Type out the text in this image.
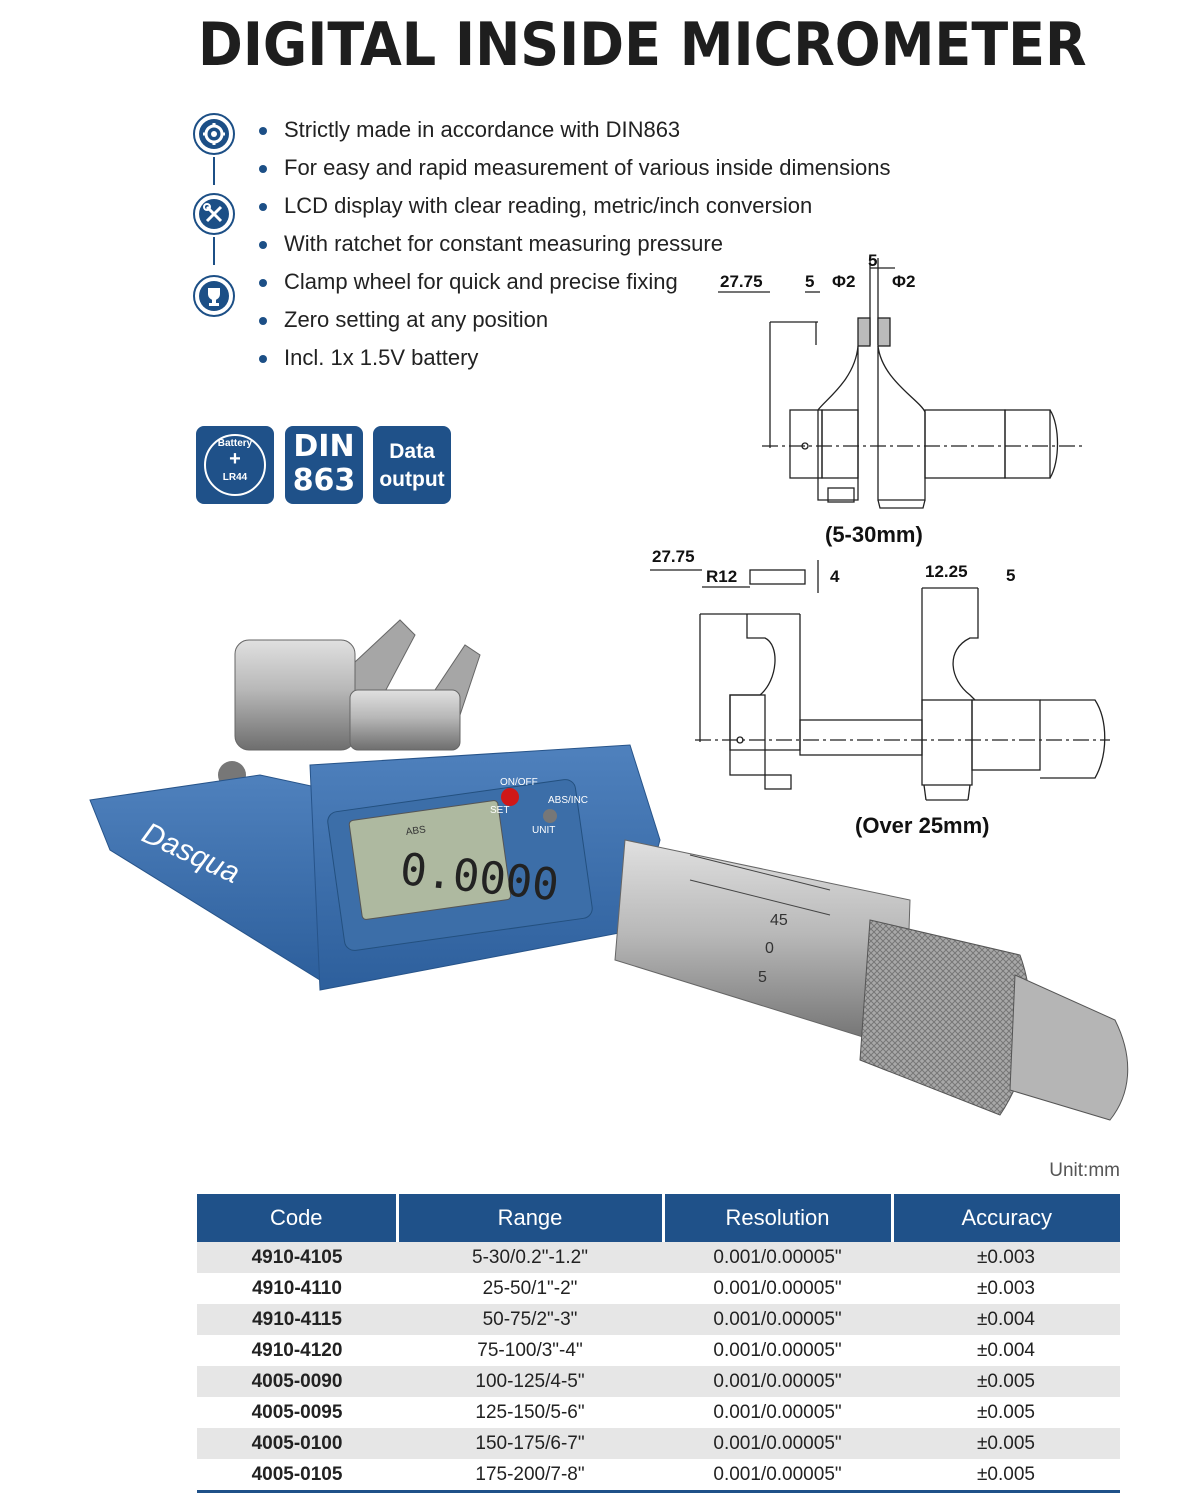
DIGITAL INSIDE MICROMETER
Strictly made in accordance with DIN863
For easy and rapid measurement of various inside dimensions
LCD display with clear reading, metric/inch conversion
With ratchet for constant measuring pressure
Clamp wheel for quick and precise fixing
Zero setting at any position
Incl. 1x 1.5V battery
Battery
+
LR44
DIN
863
Data
output
27.75 5
5
Φ2 Φ2
(5-30mm)
27.75
R12	4	12.25 5
(Over 25mm)
Dasqua	ABS
0.0000
ON/OFF
SET
ABS/INC
UNIT
45
0
5
Unit:mm
Code	Range	Resolution	Accuracy
4910-4105	5-30/0.2"-1.2"	0.001/0.00005"	±0.003
4910-4110	25-50/1"-2"	0.001/0.00005"	±0.003
4910-4115	50-75/2"-3"	0.001/0.00005"	±0.004
4910-4120	75-100/3"-4"	0.001/0.00005"	±0.004
4005-0090	100-125/4-5"	0.001/0.00005"	±0.005
4005-0095	125-150/5-6"	0.001/0.00005"	±0.005
4005-0100	150-175/6-7"	0.001/0.00005"	±0.005
4005-0105	175-200/7-8"	0.001/0.00005"	±0.005
